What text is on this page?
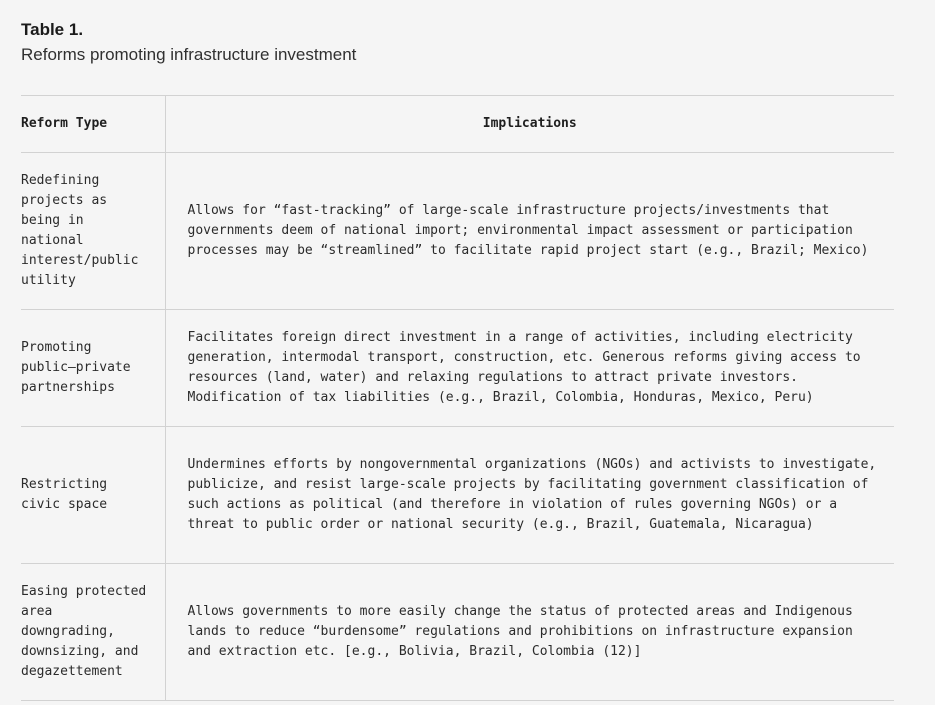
Table 1.
Reforms promoting infrastructure investment
Reform Type	Implications

Redefining projects as being in national interest/public utility	Allows for “fast-tracking” of large-scale infrastructure projects/investments that governments deem of national import; environmental impact assessment or participation processes may be “streamlined” to facilitate rapid project start (e.g., Brazil; Mexico)

Promoting public–private partnerships	Facilitates foreign direct investment in a range of activities, including electricity generation, intermodal transport, construction, etc. Generous reforms giving access to resources (land, water) and relaxing regulations to attract private investors. Modification of tax liabilities (e.g., Brazil, Colombia, Honduras, Mexico, Peru)

Restricting civic space	Undermines efforts by nongovernmental organizations (NGOs) and activists to investigate, publicize, and resist large-scale projects by facilitating government classification of such actions as political (and therefore in violation of rules governing NGOs) or a threat to public order or national security (e.g., Brazil, Guatemala, Nicaragua)

Easing protected area downgrading, downsizing, and degazettement	Allows governments to more easily change the status of protected areas and Indigenous lands to reduce “burdensome” regulations and prohibitions on infrastructure expansion and extraction etc. [e.g., Bolivia, Brazil, Colombia (12)]
